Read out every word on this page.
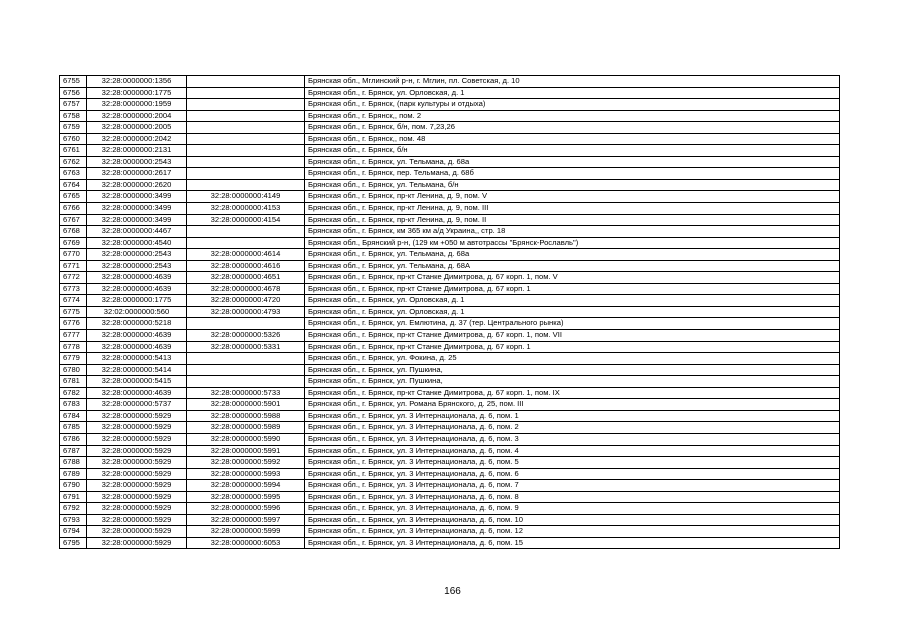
6755	32:28:0000000:1356		Брянская обл., Мглинский р-н, г. Мглин, пл. Советская, д. 10
6756	32:28:0000000:1775		Брянская обл., г. Брянск, ул. Орловская, д. 1
6757	32:28:0000000:1959		Брянская обл., г. Брянск, (парк культуры и отдыха)
6758	32:28:0000000:2004		Брянская обл., г. Брянск,, пом. 2
6759	32:28:0000000:2005		Брянская обл., г. Брянск, б/н, пом. 7,23,26
6760	32:28:0000000:2042		Брянская обл., г. Брянск,, пом. 48
6761	32:28:0000000:2131		Брянская обл., г. Брянск, б/н
6762	32:28:0000000:2543		Брянская обл., г. Брянск, ул. Тельмана, д. 68а
6763	32:28:0000000:2617		Брянская обл., г. Брянск, пер. Тельмана, д. 68б
6764	32:28:0000000:2620		Брянская обл., г. Брянск, ул. Тельмана, б/н
6765	32:28:0000000:3499	32:28:0000000:4149	Брянская обл., г. Брянск, пр-кт Ленина, д. 9, пом. V
6766	32:28:0000000:3499	32:28:0000000:4153	Брянская обл., г. Брянск, пр-кт Ленина, д. 9, пом. III
6767	32:28:0000000:3499	32:28:0000000:4154	Брянская обл., г. Брянск, пр-кт Ленина, д. 9, пом. II
6768	32:28:0000000:4467		Брянская обл., г. Брянск, км 365 км а/д Украина,, стр. 18
6769	32:28:0000000:4540		Брянская обл., Брянский р-н, (129 км +050 м автотрассы "Брянск-Рославль")
6770	32:28:0000000:2543	32:28:0000000:4614	Брянская обл., г. Брянск, ул. Тельмана, д. 68а
6771	32:28:0000000:2543	32:28:0000000:4616	Брянская обл., г. Брянск, ул. Тельмана, д. 68А
6772	32:28:0000000:4639	32:28:0000000:4651	Брянская обл., г. Брянск, пр-кт Станке Димитрова, д. 67 корп. 1, пом. V
6773	32:28:0000000:4639	32:28:0000000:4678	Брянская обл., г. Брянск, пр-кт Станке Димитрова, д. 67 корп. 1
6774	32:28:0000000:1775	32:28:0000000:4720	Брянская обл., г. Брянск, ул. Орловская, д. 1
6775	32:02:0000000:560	32:28:0000000:4793	Брянская обл., г. Брянск, ул. Орловская, д. 1
6776	32:28:0000000:5218		Брянская обл., г. Брянск, ул. Емлютина, д. 37 (тер. Центрального рынка)
6777	32:28:0000000:4639	32:28:0000000:5326	Брянская обл., г. Брянск, пр-кт Станке Димитрова, д. 67 корп. 1, пом. VII
6778	32:28:0000000:4639	32:28:0000000:5331	Брянская обл., г. Брянск, пр-кт Станке Димитрова, д. 67 корп. 1
6779	32:28:0000000:5413		Брянская обл., г. Брянск, ул. Фокина, д. 25
6780	32:28:0000000:5414		Брянская обл., г. Брянск, ул. Пушкина,
6781	32:28:0000000:5415		Брянская обл., г. Брянск, ул. Пушкина,
6782	32:28:0000000:4639	32:28:0000000:5733	Брянская обл., г. Брянск, пр-кт Станке Димитрова, д. 67 корп. 1, пом. IX
6783	32:28:0000000:5737	32:28:0000000:5901	Брянская обл., г. Брянск, ул. Романа Брянского, д. 25, пом. III
6784	32:28:0000000:5929	32:28:0000000:5988	Брянская обл., г. Брянск, ул. 3 Интернационала, д. 6, пом. 1
6785	32:28:0000000:5929	32:28:0000000:5989	Брянская обл., г. Брянск, ул. 3 Интернационала, д. 6, пом. 2
6786	32:28:0000000:5929	32:28:0000000:5990	Брянская обл., г. Брянск, ул. 3 Интернационала, д. 6, пом. 3
6787	32:28:0000000:5929	32:28:0000000:5991	Брянская обл., г. Брянск, ул. 3 Интернационала, д. 6, пом. 4
6788	32:28:0000000:5929	32:28:0000000:5992	Брянская обл., г. Брянск, ул. 3 Интернационала, д. 6, пом. 5
6789	32:28:0000000:5929	32:28:0000000:5993	Брянская обл., г. Брянск, ул. 3 Интернационала, д. 6, пом. 6
6790	32:28:0000000:5929	32:28:0000000:5994	Брянская обл., г. Брянск, ул. 3 Интернационала, д. 6, пом. 7
6791	32:28:0000000:5929	32:28:0000000:5995	Брянская обл., г. Брянск, ул. 3 Интернационала, д. 6, пом. 8
6792	32:28:0000000:5929	32:28:0000000:5996	Брянская обл., г. Брянск, ул. 3 Интернационала, д. 6, пом. 9
6793	32:28:0000000:5929	32:28:0000000:5997	Брянская обл., г. Брянск, ул. 3 Интернационала, д. 6, пом. 10
6794	32:28:0000000:5929	32:28:0000000:5999	Брянская обл., г. Брянск, ул. 3 Интернационала, д. 6, пом. 12
6795	32:28:0000000:5929	32:28:0000000:6053	Брянская обл., г. Брянск, ул. 3 Интернационала, д. 6, пом. 15
166
